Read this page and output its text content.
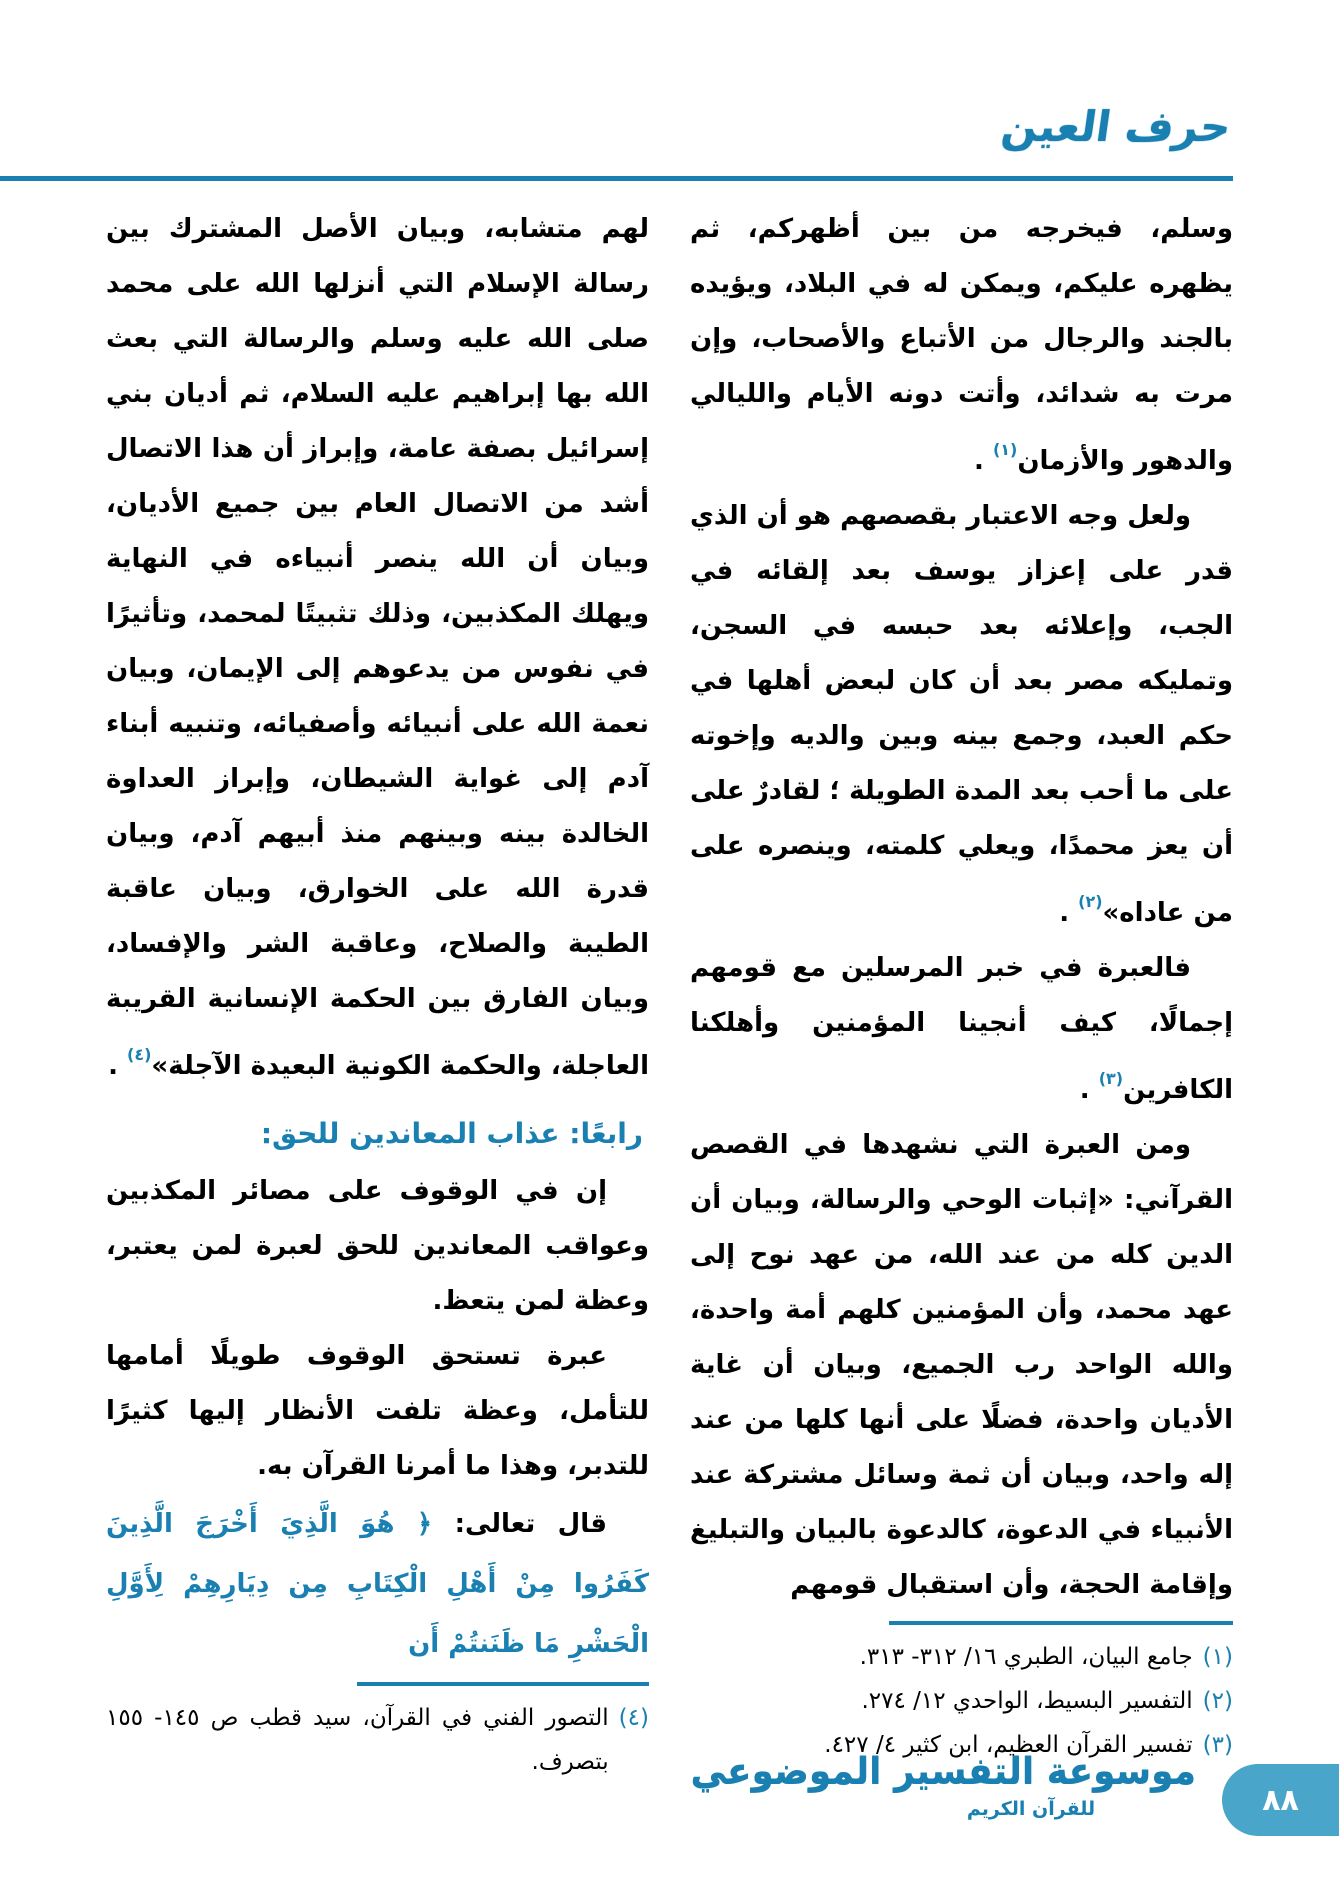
حرف العين

وسلم، فيخرجه من بين أظهركم، ثم يظهره عليكم، ويمكن له في البلاد، ويؤيده بالجند والرجال من الأتباع والأصحاب، وإن مرت به شدائد، وأتت دونه الأيام والليالي والدهور والأزمان$^{(١)}$ .

ولعل وجه الاعتبار بقصصهم هو أن الذي قدر على إعزاز يوسف بعد إلقائه في الجب، وإعلائه بعد حبسه في السجن، وتمليكه مصر بعد أن كان لبعض أهلها في حكم العبد، وجمع بينه وبين والديه وإخوته على ما أحب بعد المدة الطويلة ؛ لقادرٌ على أن يعز محمدًا، ويعلي كلمته، وينصره على من عاداه»$^{(٢)}$ .

فالعبرة في خبر المرسلين مع قومهم إجمالًا، كيف أنجينا المؤمنين وأهلكنا الكافرين$^{(٣)}$ .

ومن العبرة التي نشهدها في القصص القرآني: «إثبات الوحي والرسالة، وبيان أن الدين كله من عند الله، من عهد نوح إلى عهد محمد، وأن المؤمنين كلهم أمة واحدة، والله الواحد رب الجميع، وبيان أن غاية الأديان واحدة، فضلًا على أنها كلها من عند إله واحد، وبيان أن ثمة وسائل مشتركة عند الأنبياء في الدعوة، كالدعوة بالبيان والتبليغ وإقامة الحجة، وأن استقبال قومهم

(١)
جامع البيان، الطبري ١٦/ ٣١٢- ٣١٣.
(٢)
التفسير البسيط، الواحدي ١٢/ ٢٧٤.
(٣)
تفسير القرآن العظيم، ابن كثير ٤/ ٤٢٧.

لهم متشابه، وبيان الأصل المشترك بين رسالة الإسلام التي أنزلها الله على محمد صلى الله عليه وسلم والرسالة التي بعث الله بها إبراهيم عليه السلام، ثم أديان بني إسرائيل بصفة عامة، وإبراز أن هذا الاتصال أشد من الاتصال العام بين جميع الأديان، وبيان أن الله ينصر أنبياءه في النهاية ويهلك المكذبين، وذلك تثبيتًا لمحمد، وتأثيرًا في نفوس من يدعوهم إلى الإيمان، وبيان نعمة الله على أنبيائه وأصفيائه، وتنبيه أبناء آدم إلى غواية الشيطان، وإبراز العداوة الخالدة بينه وبينهم منذ أبيهم آدم، وبيان قدرة الله على الخوارق، وبيان عاقبة الطيبة والصلاح، وعاقبة الشر والإفساد، وبيان الفارق بين الحكمة الإنسانية القريبة العاجلة، والحكمة الكونية البعيدة الآجلة»$^{(٤)}$ .

رابعًا: عذاب المعاندين للحق:

إن في الوقوف على مصائر المكذبين وعواقب المعاندين للحق لعبرة لمن يعتبر، وعظة لمن يتعظ.

عبرة تستحق الوقوف طويلًا أمامها للتأمل، وعظة تلفت الأنظار إليها كثيرًا للتدبر، وهذا ما أمرنا القرآن به.

قال تعالى: ﴿ هُوَ الَّذِيَ أَخْرَجَ الَّذِينَ كَفَرُوا مِنْ أَهْلِ الْكِتَابِ مِن دِيَارِهِمْ لِأَوَّلِ الْحَشْرِ مَا ظَنَنتُمْ أَن

(٤)
التصور الفني في القرآن، سيد قطب ص ١٤٥- ١٥٥ بتصرف. موسوعة التفسير الموضوعي
للقرآن الكريم	٨٨
